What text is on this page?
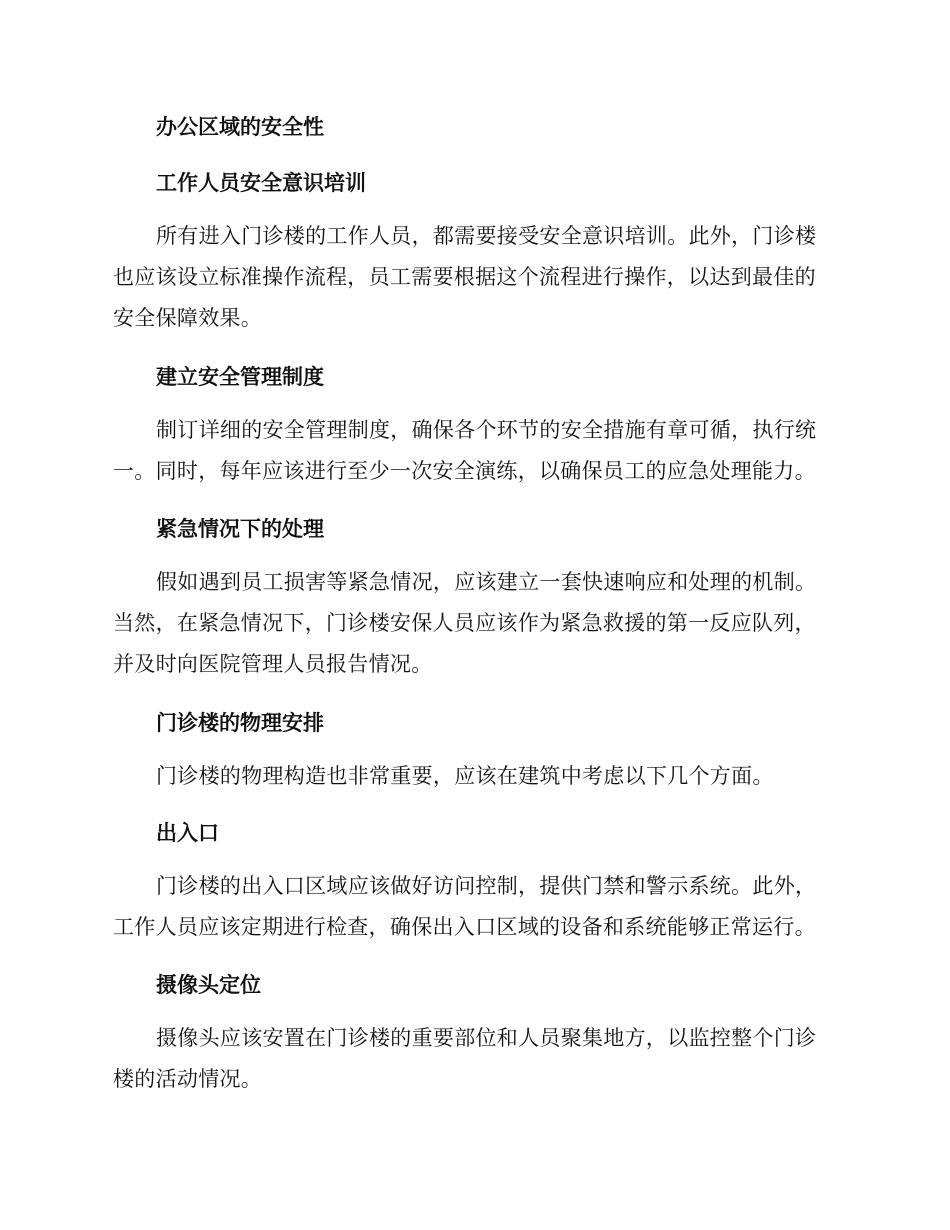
办公区域的安全性
工作人员安全意识培训

所有进入门诊楼的工作人员，都需要接受安全意识培训。此外，门诊楼也应该设立标准操作流程，员工需要根据这个流程进行操作，以达到最佳的安全保障效果。

建立安全管理制度

制订详细的安全管理制度，确保各个环节的安全措施有章可循，执行统一。同时，每年应该进行至少一次安全演练，以确保员工的应急处理能力。

紧急情况下的处理

假如遇到员工损害等紧急情况，应该建立一套快速响应和处理的机制。当然，在紧急情况下，门诊楼安保人员应该作为紧急救援的第一反应队列，并及时向医院管理人员报告情况。

门诊楼的物理安排

门诊楼的物理构造也非常重要，应该在建筑中考虑以下几个方面。

出入口

门诊楼的出入口区域应该做好访问控制，提供门禁和警示系统。此外，工作人员应该定期进行检查，确保出入口区域的设备和系统能够正常运行。

摄像头定位

摄像头应该安置在门诊楼的重要部位和人员聚集地方，以监控整个门诊楼的活动情况。
